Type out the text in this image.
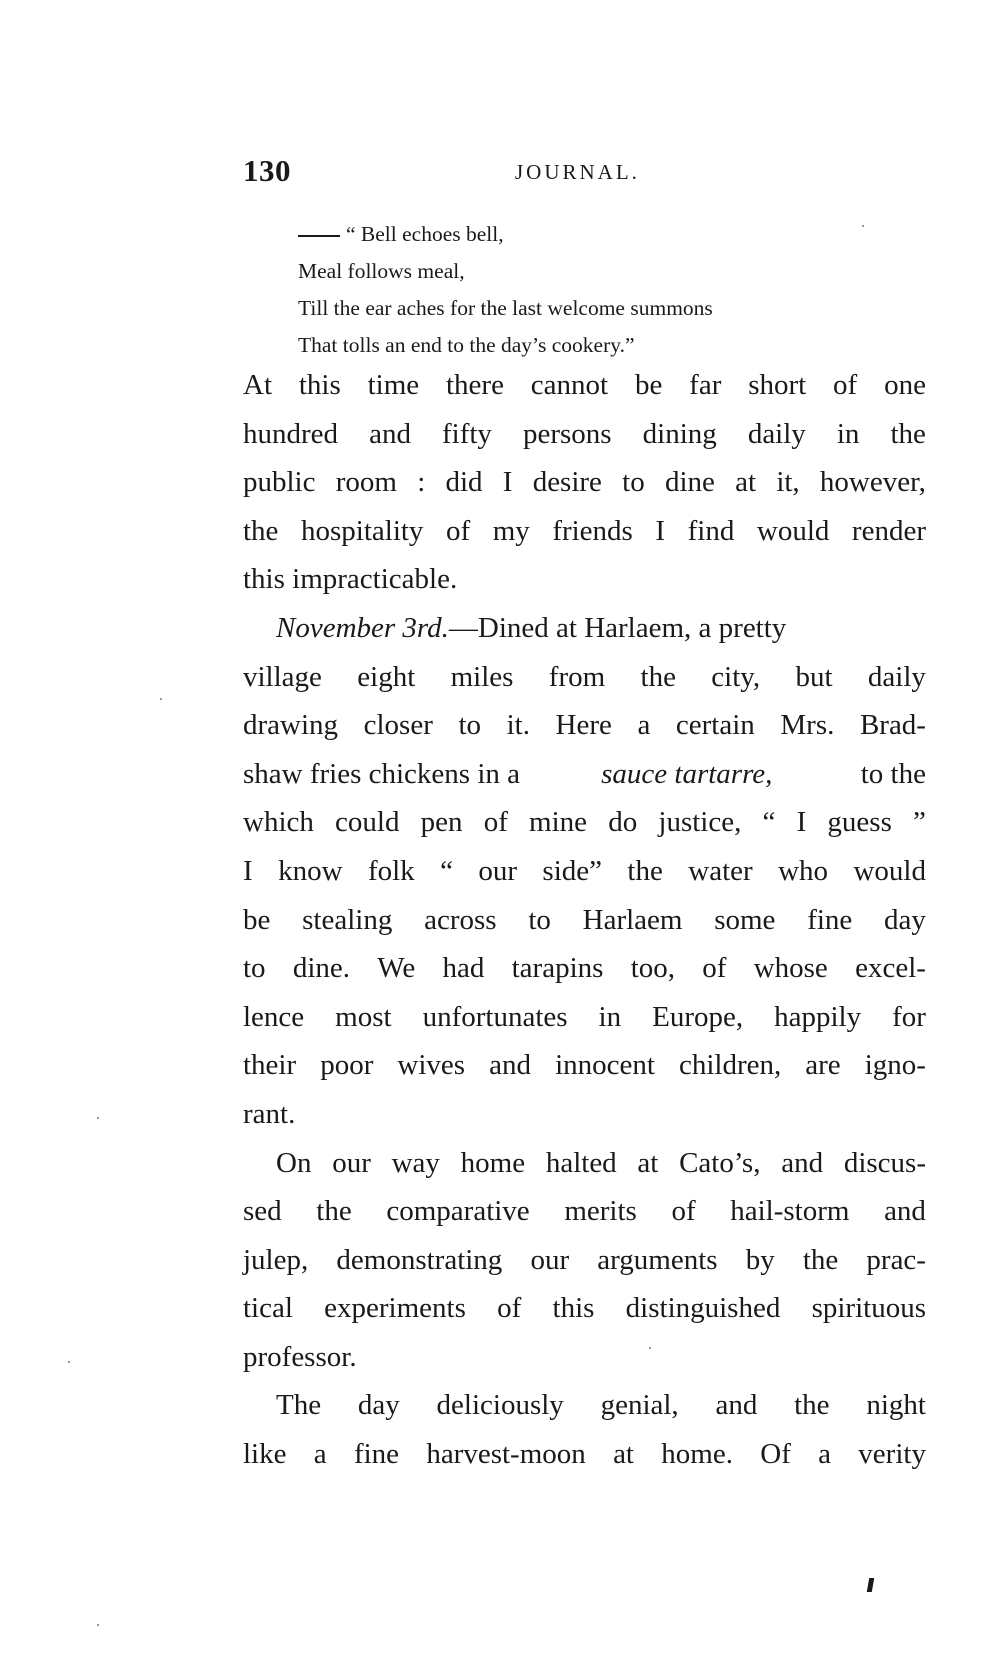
130	JOURNAL.
“ Bell echoes bell,
Meal follows meal,
Till the ear aches for the last welcome summons
That tolls an end to the day’s cookery.”
At this time there cannot be far short of one
hundred and fifty persons dining daily in the
public room : did I desire to dine at it, however,
the hospitality of my friends I find would render
this impracticable.
November 3rd.—Dined at Harlaem, a pretty
village eight miles from the city, but daily
drawing closer to it. Here a certain Mrs. Brad-
shaw fries chickens in a	sauce tartarre,	to the
which could pen of mine do justice, “ I guess ”
I know folk “ our side” the water who would
be stealing across to Harlaem some fine day
to dine. We had tarapins too, of whose excel-
lence most unfortunates in Europe, happily for
their poor wives and innocent children, are igno-
rant.
On our way home halted at Cato’s, and discus-
sed the comparative merits of hail-storm and
julep, demonstrating our arguments by the prac-
tical experiments of this distinguished spirituous
professor.
The day deliciously genial, and the night
like a fine harvest-moon at home. Of a verity
